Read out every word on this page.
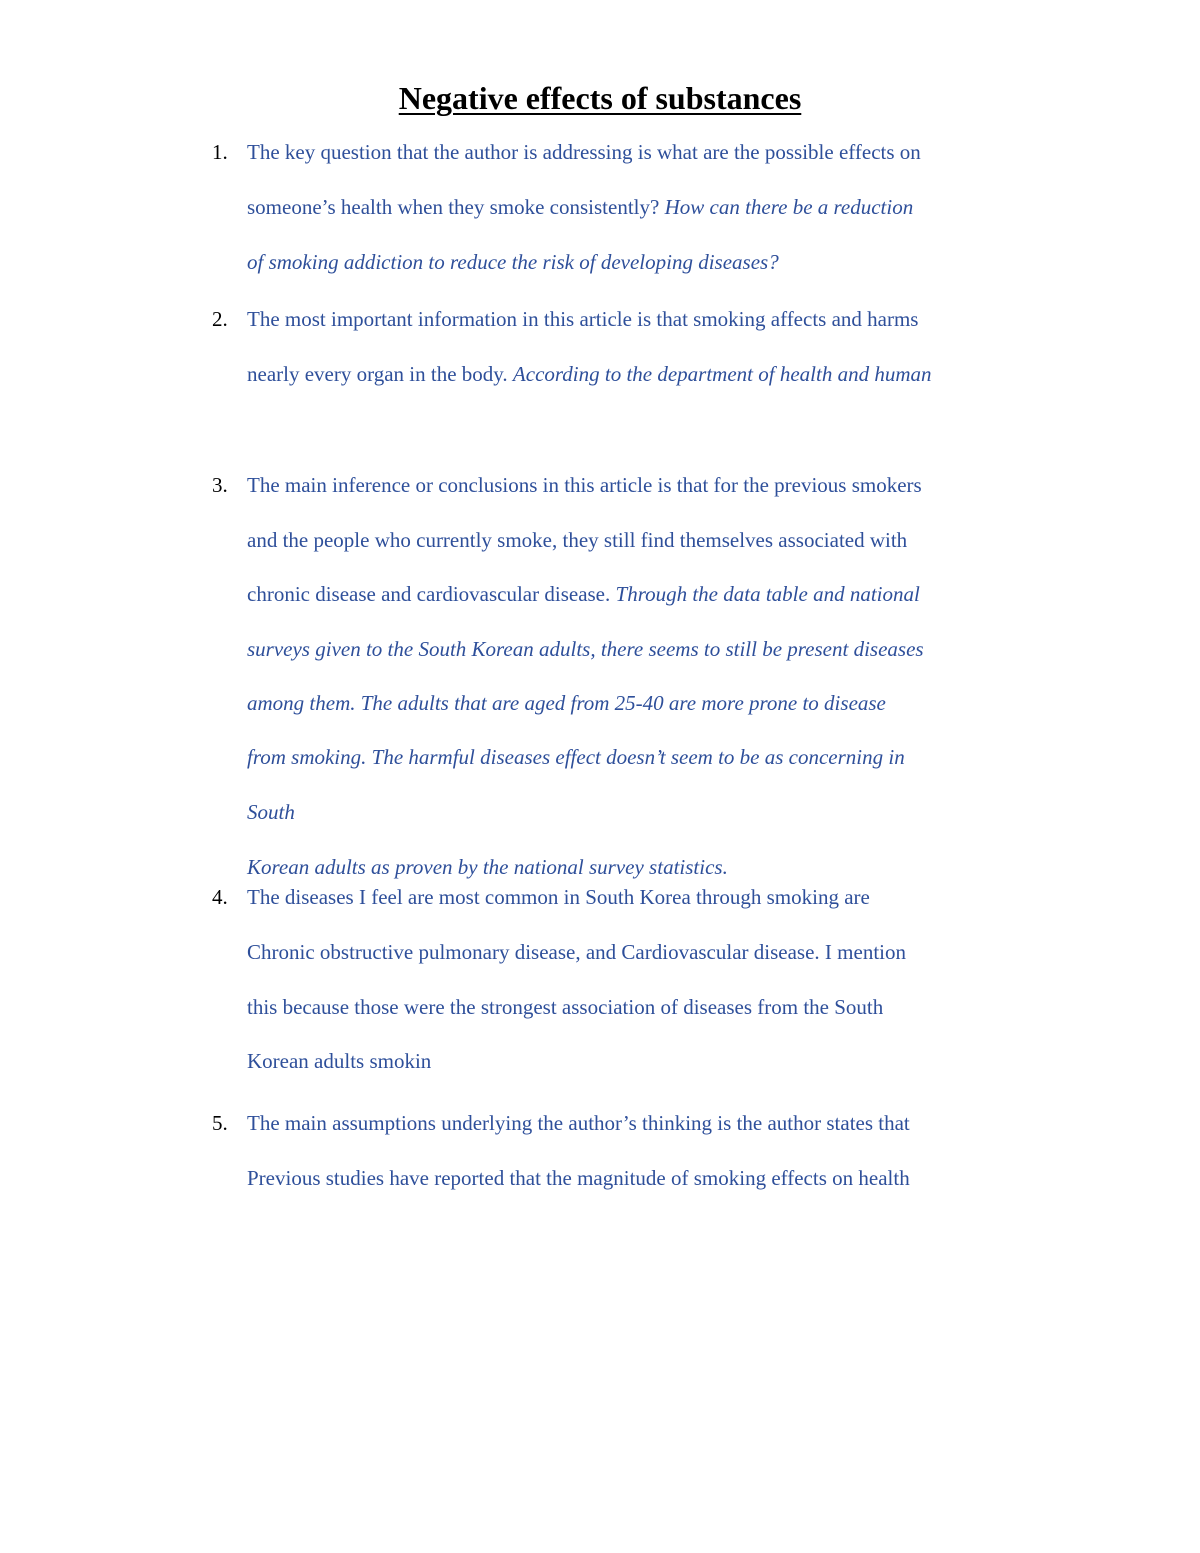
Negative effects of substances
1. The key question that the author is addressing is what are the possible effects on
someone’s health when they smoke consistently? How can there be a reduction
of smoking addiction to reduce the risk of developing diseases?
2. The most important information in this article is that smoking affects and harms
nearly every organ in the body. According to the department of health and human
3. The main inference or conclusions in this article is that for the previous smokers
and the people who currently smoke, they still find themselves associated with
chronic disease and cardiovascular disease. Through the data table and national
surveys given to the South Korean adults, there seems to still be present diseases
among them. The adults that are aged from 25-40 are more prone to disease
from smoking. The harmful diseases effect doesn’t seem to be as concerning in
South
Korean adults as proven by the national survey statistics.
4. The diseases I feel are most common in South Korea through smoking are
Chronic obstructive pulmonary disease, and Cardiovascular disease. I mention
this because those were the strongest association of diseases from the South
Korean adults smokin
5. The main assumptions underlying the author’s thinking is the author states that
Previous studies have reported that the magnitude of smoking effects on health
